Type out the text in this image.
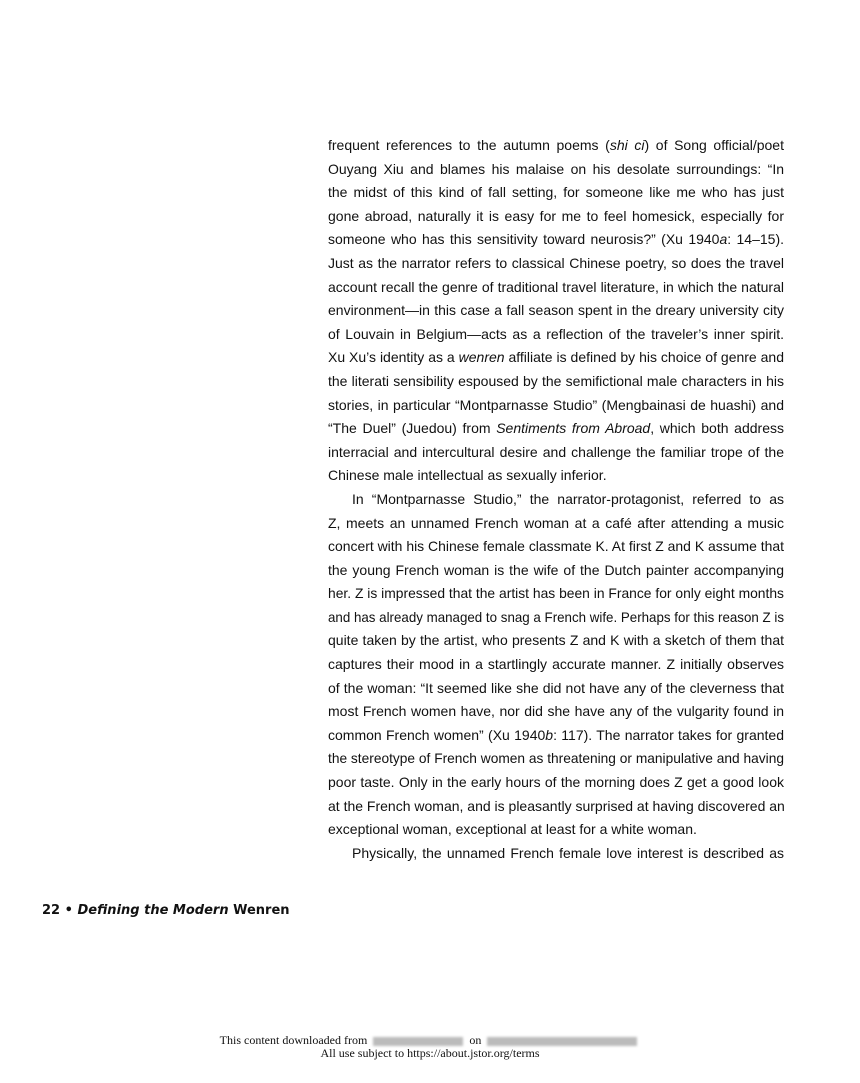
frequent references to the autumn poems (shi ci) of Song official/poet
Ouyang Xiu and blames his malaise on his desolate surroundings: “In
the midst of this kind of fall setting, for someone like me who has just
gone abroad, naturally it is easy for me to feel homesick, especially for
someone who has this sensitivity toward neurosis?” (Xu 1940a: 14–15).
Just as the narrator refers to classical Chinese poetry, so does the travel
account recall the genre of traditional travel literature, in which the natural
environment—in this case a fall season spent in the dreary university city
of Louvain in Belgium—acts as a reflection of the traveler’s inner spirit.
Xu Xu’s identity as a wenren affiliate is defined by his choice of genre and
the literati sensibility espoused by the semifictional male characters in his
stories, in particular “Montparnasse Studio” (Mengbainasi de huashi) and
“The Duel” (Juedou) from Sentiments from Abroad, which both address
interracial and intercultural desire and challenge the familiar trope of the
Chinese male intellectual as sexually inferior.
In “Montparnasse Studio,” the narrator-protagonist, referred to as
Z, meets an unnamed French woman at a café after attending a music
concert with his Chinese female classmate K. At first Z and K assume that
the young French woman is the wife of the Dutch painter accompanying
her. Z is impressed that the artist has been in France for only eight months
and has already managed to snag a French wife. Perhaps for this reason Z is
quite taken by the artist, who presents Z and K with a sketch of them that
captures their mood in a startlingly accurate manner. Z initially observes
of the woman: “It seemed like she did not have any of the cleverness that
most French women have, nor did she have any of the vulgarity found in
common French women” (Xu 1940b: 117). The narrator takes for granted
the stereotype of French women as threatening or manipulative and having
poor taste. Only in the early hours of the morning does Z get a good look
at the French woman, and is pleasantly surprised at having discovered an
exceptional woman, exceptional at least for a white woman.
Physically, the unnamed French female love interest is described as
22 • Defining the Modern Wenren
This content downloaded from	on
All use subject to https://about.jstor.org/terms
